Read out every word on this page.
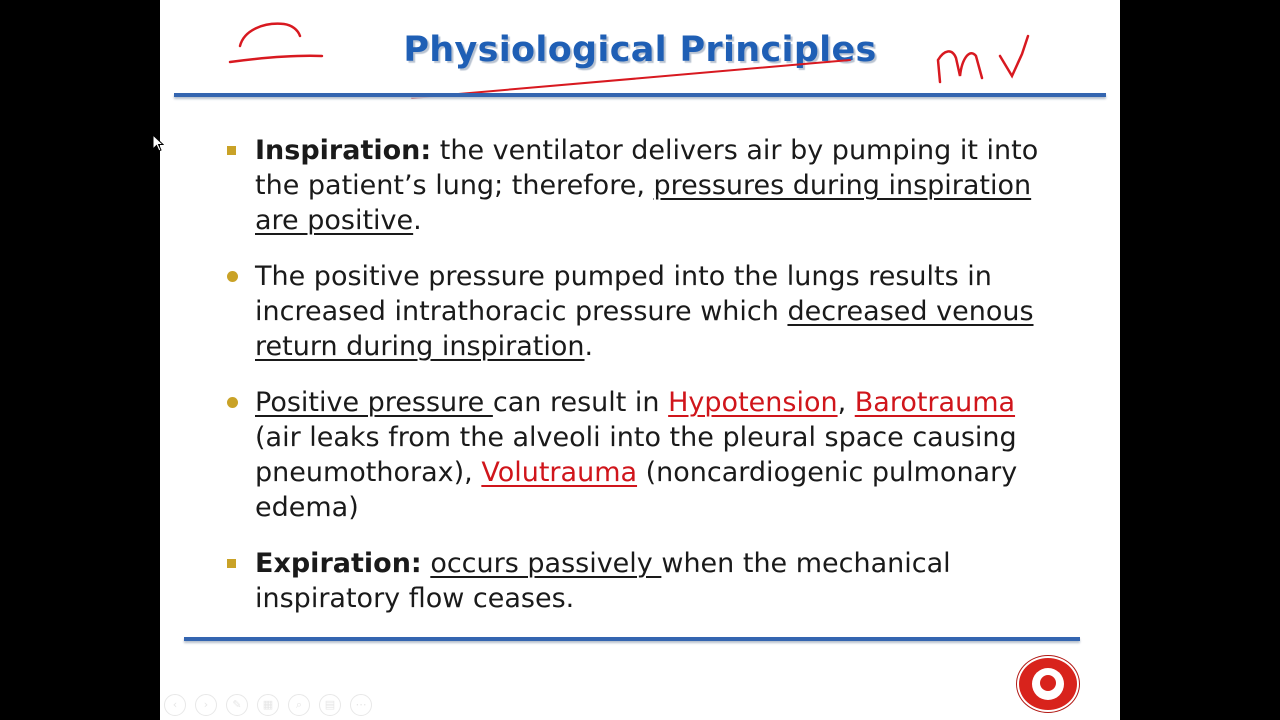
Physiological Principles
Inspiration: the ventilator delivers air by pumping it into the patient’s lung; therefore, pressures during inspiration are positive.
The positive pressure pumped into the lungs results in increased intrathoracic pressure which decreased venous return during inspiration.
Positive pressure can result in Hypotension, Barotrauma (air leaks from the alveoli into the pleural space causing pneumothorax), Volutrauma (noncardiogenic pulmonary edema)
Expiration: occurs passively when the mechanical inspiratory flow ceases.
‹	›	✎	▦	⌕	▤	⋯
